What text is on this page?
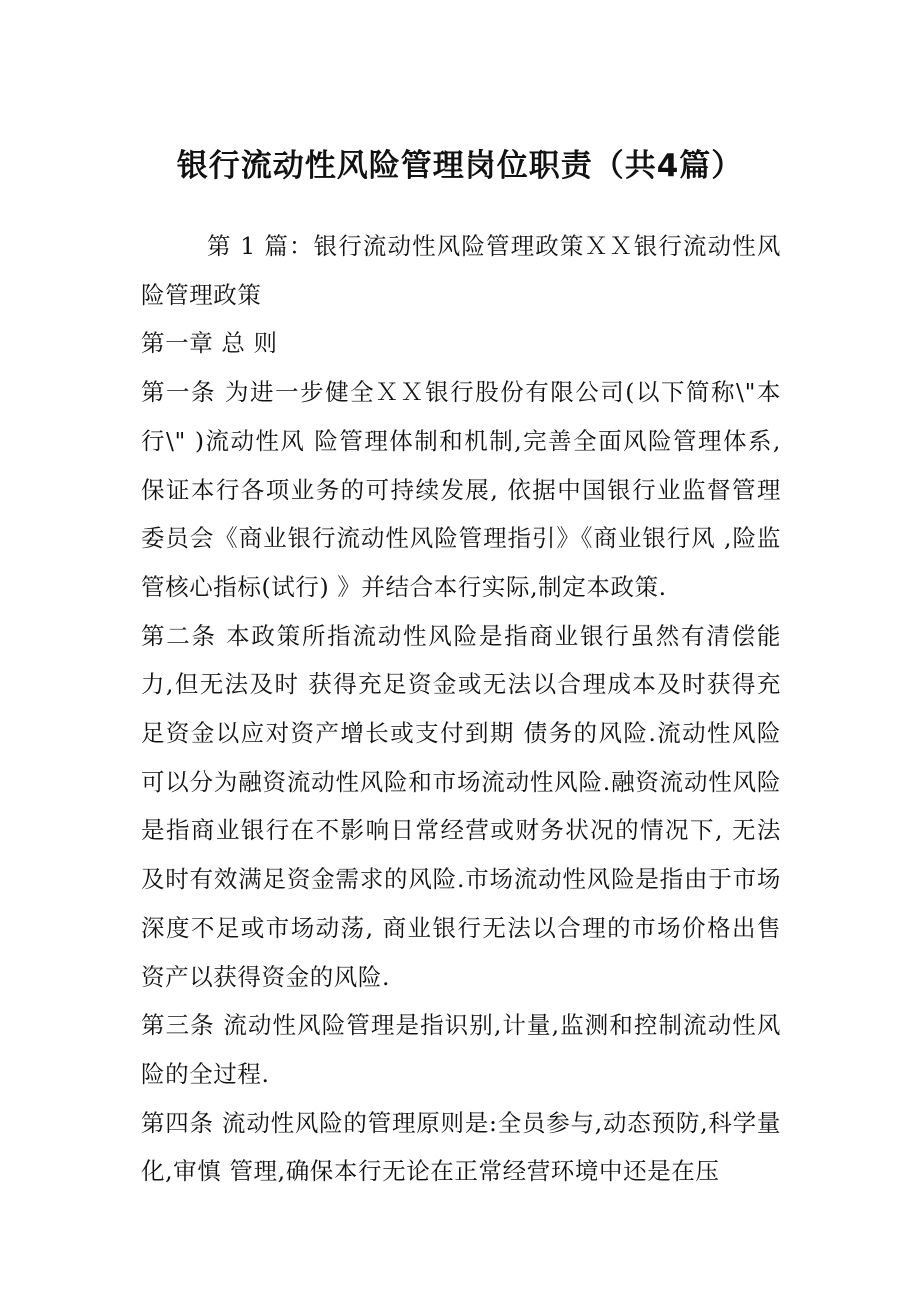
银行流动性风险管理岗位职责（共4篇）

第 1 篇：银行流动性风险管理政策ＸＸ银行流动性风险管理政策

第一章 总 则

第一条 为进一步健全ＸＸ银行股份有限公司(以下简称\"本行\" )流动性风 险管理体制和机制,完善全面风险管理体系,保证本行各项业务的可持续发展, 依据中国银行业监督管理委员会《商业银行流动性风险管理指引》《商业银行风 ,险监管核心指标(试行) 》并结合本行实际,制定本政策.

第二条 本政策所指流动性风险是指商业银行虽然有清偿能力,但无法及时 获得充足资金或无法以合理成本及时获得充足资金以应对资产增长或支付到期 债务的风险.流动性风险可以分为融资流动性风险和市场流动性风险.融资流动性风险是指商业银行在不影响日常经营或财务状况的情况下, 无法及时有效满足资金需求的风险.市场流动性风险是指由于市场深度不足或市场动荡, 商业银行无法以合理的市场价格出售资产以获得资金的风险.

第三条 流动性风险管理是指识别,计量,监测和控制流动性风险的全过程.

第四条 流动性风险的管理原则是:全员参与,动态预防,科学量化,审慎 管理,确保本行无论在正常经营环境中还是在压
